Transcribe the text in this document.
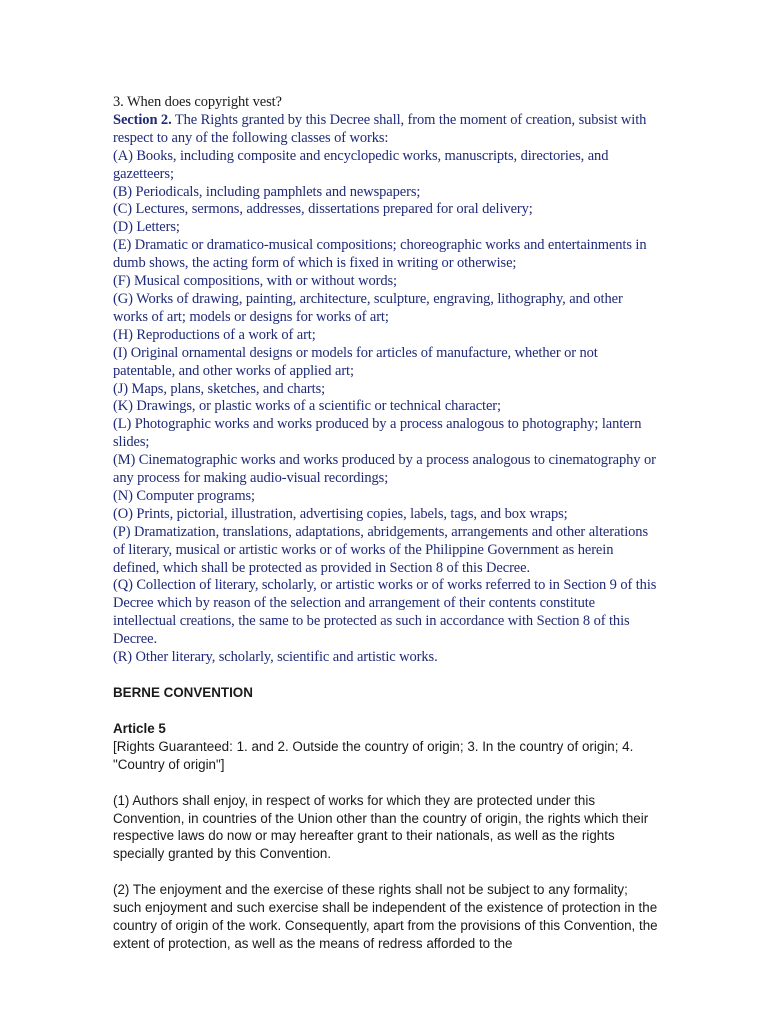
3. When does copyright vest?
Section 2. The Rights granted by this Decree shall, from the moment of creation, subsist with respect to any of the following classes of works:
(A) Books, including composite and encyclopedic works, manuscripts, directories, and gazetteers;
(B) Periodicals, including pamphlets and newspapers;
(C) Lectures, sermons, addresses, dissertations prepared for oral delivery;
(D) Letters;
(E) Dramatic or dramatico-musical compositions; choreographic works and entertainments in dumb shows, the acting form of which is fixed in writing or otherwise;
(F) Musical compositions, with or without words;
(G) Works of drawing, painting, architecture, sculpture, engraving, lithography, and other works of art; models or designs for works of art;
(H) Reproductions of a work of art;
(I) Original ornamental designs or models for articles of manufacture, whether or not patentable, and other works of applied art;
(J) Maps, plans, sketches, and charts;
(K) Drawings, or plastic works of a scientific or technical character;
(L) Photographic works and works produced by a process analogous to photography; lantern slides;
(M) Cinematographic works and works produced by a process analogous to cinematography or any process for making audio-visual recordings;
(N) Computer programs;
(O) Prints, pictorial, illustration, advertising copies, labels, tags, and box wraps;
(P) Dramatization, translations, adaptations, abridgements, arrangements and other alterations of literary, musical or artistic works or of works of the Philippine Government as herein defined, which shall be protected as provided in Section 8 of this Decree.
(Q) Collection of literary, scholarly, or artistic works or of works referred to in Section 9 of this Decree which by reason of the selection and arrangement of their contents constitute intellectual creations, the same to be protected as such in accordance with Section 8 of this Decree.
(R) Other literary, scholarly, scientific and artistic works.
BERNE CONVENTION
Article 5
[Rights Guaranteed: 1. and 2. Outside the country of origin; 3. In the country of origin; 4. "Country of origin"]
(1) Authors shall enjoy, in respect of works for which they are protected under this Convention, in countries of the Union other than the country of origin, the rights which their respective laws do now or may hereafter grant to their nationals, as well as the rights specially granted by this Convention.
(2) The enjoyment and the exercise of these rights shall not be subject to any formality; such enjoyment and such exercise shall be independent of the existence of protection in the country of origin of the work. Consequently, apart from the provisions of this Convention, the extent of protection, as well as the means of redress afforded to the
